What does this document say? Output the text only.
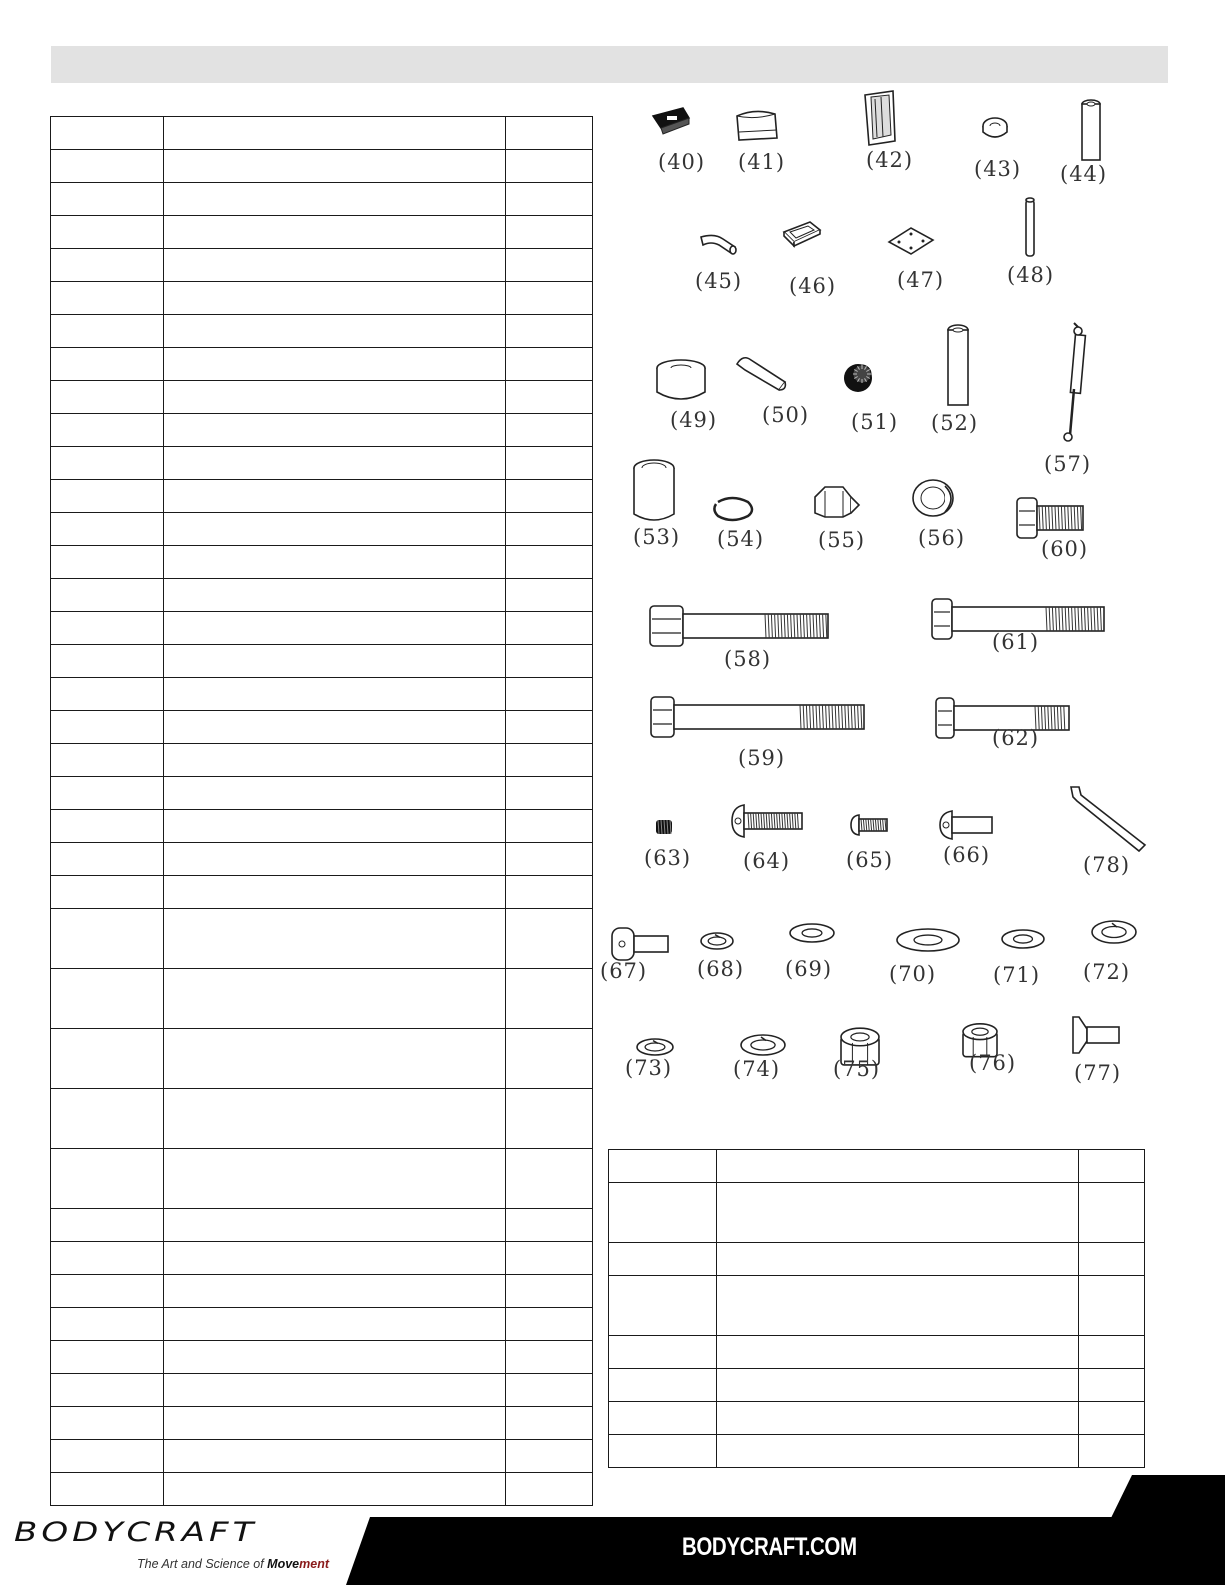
(40) (41)	(42)	(43) (44)
(45) (46)	(47)	(48)
(49) (50) (51) (52)
(53) (54)	(55)	(56)
(57)
(58)
(59)
(60)
(61)
(62)
(63) (64)	(65) (66)
(67) (68) (69)	(70)	(71) (72)
(73)	(74)	(75)	(76)	(77)
(78)

BODYCRAFT
The Art and Science of Movement
BODYCRAFT.COM
